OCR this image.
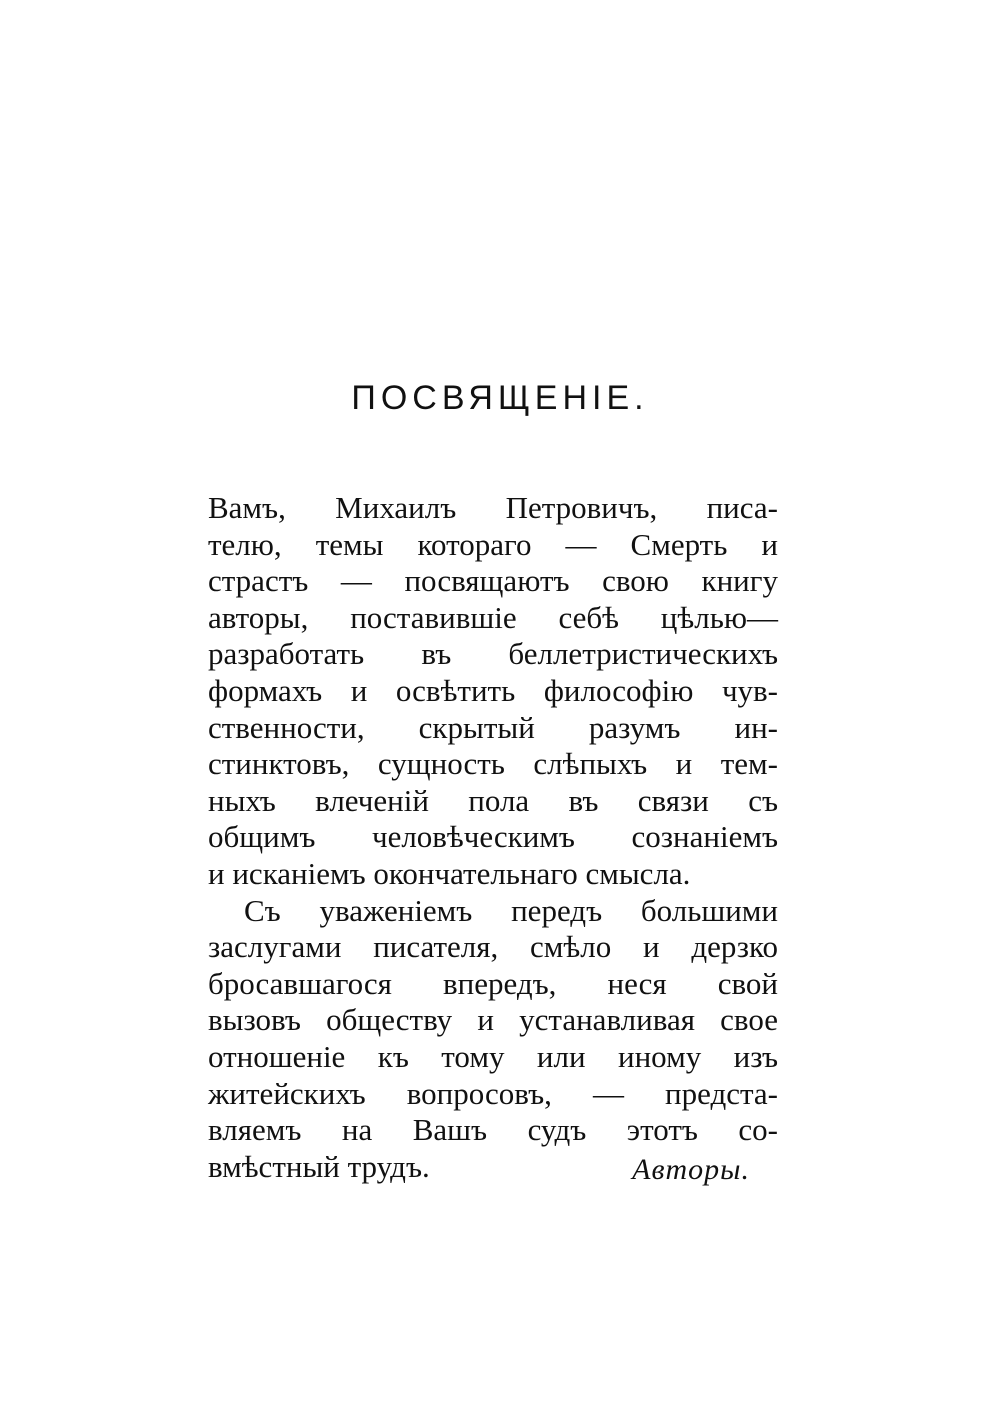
ПОСВЯЩЕНІЕ.
Вамъ, Михаилъ Петровичъ, писа-
телю, темы котораго — Смерть и
страстъ — посвящаютъ свою книгу
авторы, поставившіе себѣ цѣлью—
разработать въ беллетристическихъ
формахъ и освѣтить философію чув-
ственности, скрытый разумъ ин-
стинктовъ, сущность слѣпыхъ и тем-
ныхъ влеченій пола въ связи съ
общимъ человѣческимъ сознаніемъ
и исканіемъ окончательнаго смысла.
Съ уваженіемъ передъ большими
заслугами писателя, смѣло и дерзко
бросавшагося впередъ, неся свой
вызовъ обществу и устанавливая свое
отношеніе къ тому или иному изъ
житейскихъ вопросовъ, — предста-
вляемъ на Вашъ судъ этотъ со-
вмѣстный трудъ.	Авторы.
